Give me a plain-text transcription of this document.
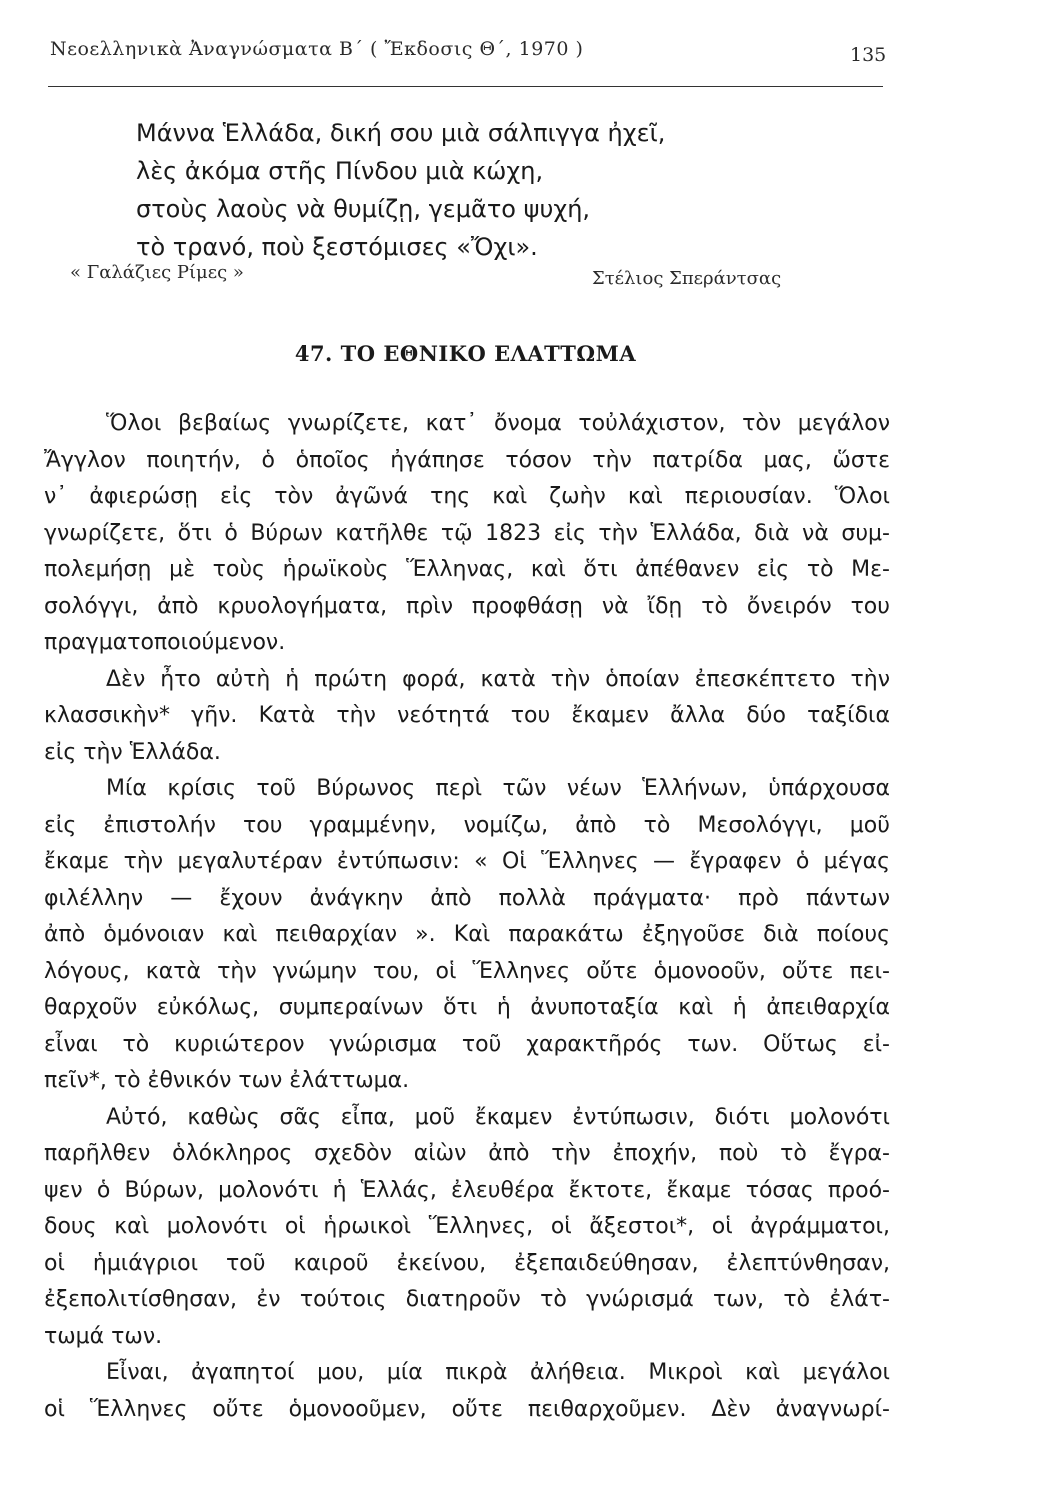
Νεοελληνικὰ Ἀναγνώσματα Β΄ ( Ἔκδοσις Θ΄, 1970 )	135
Μάννα Ἑλλάδα, δική σου μιὰ σάλπιγγα ἠχεῖ,
λὲς ἀκόμα στῆς Πίνδου μιὰ κώχη,
στοὺς λαοὺς νὰ θυμίζῃ, γεμᾶτο ψυχή,
τὸ τρανό, ποὺ ξεστόμισες «Ὄχι».
« Γαλάζιες Ρίμες »	Στέλιος Σπεράντσας
47. ΤΟ ΕΘΝΙΚΟ ΕΛΑΤΤΩΜΑ
Ὅλοι βεβαίως γνωρίζετε, κατ᾿ ὄνομα τοὐλάχιστον, τὸν μεγάλον
Ἄγγλον ποιητήν, ὁ ὁποῖος ἠγάπησε τόσον τὴν πατρίδα μας, ὥστε
ν᾿ ἀφιερώσῃ εἰς τὸν ἀγῶνά της καὶ ζωὴν καὶ περιουσίαν. Ὅλοι
γνωρίζετε, ὅτι ὁ Βύρων κατῆλθε τῷ 1823 εἰς τὴν Ἑλλάδα, διὰ νὰ συμ-
πολεμήσῃ μὲ τοὺς ἡρωϊκοὺς Ἕλληνας, καὶ ὅτι ἀπέθανεν εἰς τὸ Με-
σολόγγι, ἀπὸ κρυολογήματα, πρὶν προφθάσῃ νὰ ἴδῃ τὸ ὄνειρόν του
πραγματοποιούμενον.
Δὲν ἦτο αὐτὴ ἡ πρώτη φορά, κατὰ τὴν ὁποίαν ἐπεσκέπτετο τὴν
κλασσικὴν* γῆν. Κατὰ τὴν νεότητά του ἔκαμεν ἄλλα δύο ταξίδια
εἰς τὴν Ἑλλάδα.
Μία κρίσις τοῦ Βύρωνος περὶ τῶν νέων Ἑλλήνων, ὑπάρχουσα
εἰς ἐπιστολήν του γραμμένην, νομίζω, ἀπὸ τὸ Μεσολόγγι, μοῦ
ἔκαμε τὴν μεγαλυτέραν ἐντύπωσιν: « Οἱ Ἕλληνες — ἔγραφεν ὁ μέγας
φιλέλλην — ἔχουν ἀνάγκην ἀπὸ πολλὰ πράγματα· πρὸ πάντων
ἀπὸ ὁμόνοιαν καὶ πειθαρχίαν ». Καὶ παρακάτω ἐξηγοῦσε διὰ ποίους
λόγους, κατὰ τὴν γνώμην του, οἱ Ἕλληνες οὔτε ὁμονοοῦν, οὔτε πει-
θαρχοῦν εὐκόλως, συμπεραίνων ὅτι ἡ ἀνυποταξία καὶ ἡ ἀπειθαρχία
εἶναι τὸ κυριώτερον γνώρισμα τοῦ χαρακτῆρός των. Οὕτως εἰ-
πεῖν*, τὸ ἐθνικόν των ἐλάττωμα.
Αὐτό, καθὼς σᾶς εἶπα, μοῦ ἔκαμεν ἐντύπωσιν, διότι μολονότι
παρῆλθεν ὁλόκληρος σχεδὸν αἰὼν ἀπὸ τὴν ἐποχήν, ποὺ τὸ ἔγρα-
ψεν ὁ Βύρων, μολονότι ἡ Ἑλλάς, ἐλευθέρα ἔκτοτε, ἔκαμε τόσας προό-
δους καὶ μολονότι οἱ ἡρωικοὶ Ἕλληνες, οἱ ἄξεστοι*, οἱ ἀγράμματοι,
οἱ ἡμιάγριοι τοῦ καιροῦ ἐκείνου, ἐξεπαιδεύθησαν, ἐλεπτύνθησαν,
ἐξεπολιτίσθησαν, ἐν τούτοις διατηροῦν τὸ γνώρισμά των, τὸ ἐλάτ-
τωμά των.
Εἶναι, ἀγαπητοί μου, μία πικρὰ ἀλήθεια. Μικροὶ καὶ μεγάλοι
οἱ Ἕλληνες οὔτε ὁμονοοῦμεν, οὔτε πειθαρχοῦμεν. Δὲν ἀναγνωρί-
